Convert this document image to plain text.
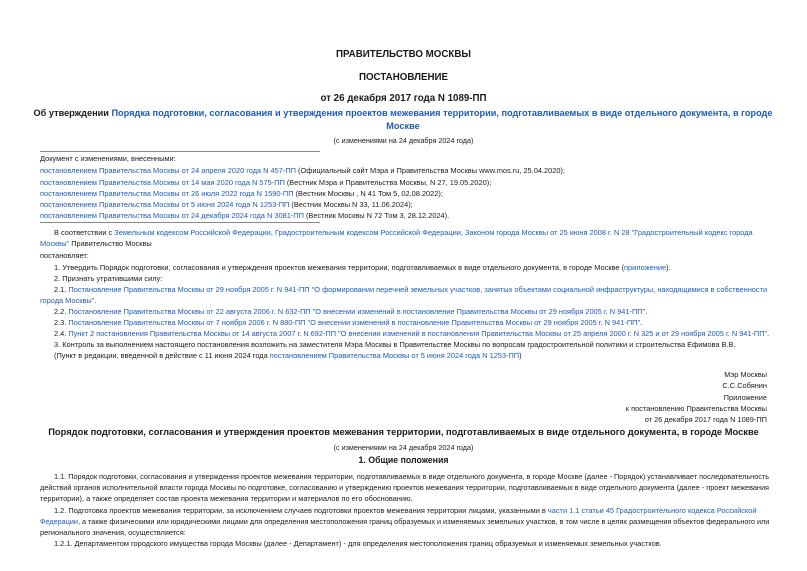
ПРАВИТЕЛЬСТВО МОСКВЫ
ПОСТАНОВЛЕНИЕ
от 26 декабря 2017 года N 1089-ПП
Об утверждении Порядка подготовки, согласования и утверждения проектов межевания территории, подготавливаемых в виде отдельного документа, в городе
Москве
(с изменениями на 24 декабря 2024 года)
Документ с изменениями, внесенными:
постановлением Правительства Москвы от 24 апреля 2020 года N 457-ПП (Официальный сайт Мэра и Правительства Москвы www.mos.ru, 25.04.2020);
постановлением Правительства Москвы от 14 мая 2020 года N 575-ПП (Вестник Мэра и Правительства Москвы, N 27, 19.05.2020);
постановлением Правительства Москвы от 26 июля 2022 года N 1590-ПП (Вестник Москвы , N 41 Том 5, 02.08.2022);
постановлением Правительства Москвы от 5 июня 2024 года N 1253-ПП (Вестник Москвы N 33, 11.06.2024);
постановлением Правительства Москвы от 24 декабря 2024 года N 3081-ПП (Вестник Москвы N 72 Том 3, 28.12.2024).
В соответствии с Земельным кодексом Российской Федерации, Градостроительным кодексом Российской Федерации, Законом города Москвы от 25 июня 2008 г. N 28 "Градостроительный кодекс города
Москвы" Правительство Москвы
постановляет:
1. Утвердить Порядок подготовки, согласования и утверждения проектов межевания территории, подготавливаемых в виде отдельного документа, в городе Москве (приложение).
2. Признать утратившими силу:
2.1. Постановление Правительства Москвы от 29 ноября 2005 г. N 941-ПП "О формировании перечней земельных участков, занятых объектами социальной инфраструктуры, находящимися в собственности
города Москвы".
2.2. Постановление Правительства Москвы от 22 августа 2006 г. N 632-ПП "О внесении изменений в постановление Правительства Москвы от 29 ноября 2005 г. N 941-ПП".
2.3. Постановление Правительства Москвы от 7 ноября 2006 г. N 880-ПП "О внесении изменений в постановление Правительства Москвы от 29 ноября 2005 г. N 941-ПП".
2.4. Пункт 2 постановления Правительства Москвы от 14 августа 2007 г. N 692-ПП "О внесении изменений в постановления Правительства Москвы от 25 апреля 2000 г. N 325 и от 29 ноября 2005 г. N 941-ПП".
3. Контроль за выполнением настоящего постановления возложить на заместителя Мэра Москвы в Правительстве Москвы по вопросам градостроительной политики и строительства Ефимова В.В.
(Пункт в редакции, введенной в действие с 11 июня 2024 года постановлением Правительства Москвы от 5 июня 2024 года N 1253-ПП)
Мэр Москвы
С.С.Собянин
Приложение
к постановлению Правительства Москвы
от 26 декабря 2017 года N 1089-ПП
Порядок подготовки, согласования и утверждения проектов межевания территории, подготавливаемых в виде отдельного документа, в городе Москве
(с изменениями на 24 декабря 2024 года)
1. Общие положения
1.1. Порядок подготовки, согласования и утверждения проектов межевания территории, подготавливаемых в виде отдельного документа, в городе Москве (далее - Порядок) устанавливает последовательность
действий органов исполнительной власти города Москвы по подготовке, согласованию и утверждению проектов межевания территории, подготавливаемых в виде отдельного документа (далее - проект межевания
территории), а также определяет состав проекта межевания территории и материалов по его обоснованию.
1.2. Подготовка проектов межевания территории, за исключением случаев подготовки проектов межевания территории лицами, указанными в части 1.1 статьи 45 Градостроительного кодекса Российской
Федерации, а также физическими или юридическими лицами для определения местоположения границ образуемых и изменяемых земельных участков, в том числе в целях размещения объектов федерального или
регионального значения, осуществляется:
1.2.1. Департаментом городского имущества города Москвы (далее - Департамент) - для определения местоположения границ образуемых и изменяемых земельных участков.
